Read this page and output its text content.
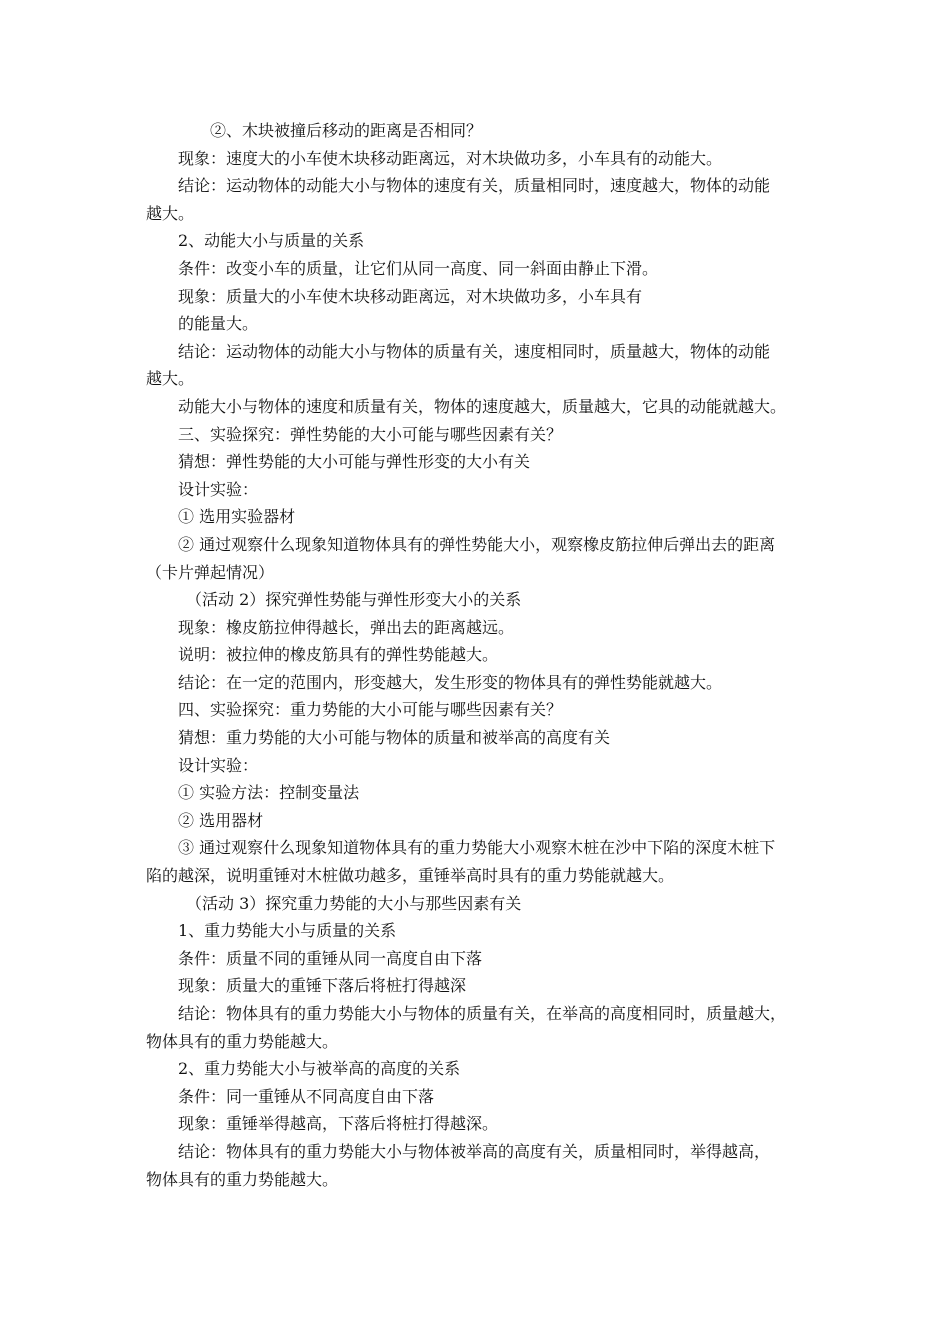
②、木块被撞后移动的距离是否相同？
现象：速度大的小车使木块移动距离远，对木块做功多，小车具有的动能大。
结论：运动物体的动能大小与物体的速度有关，质量相同时，速度越大，物体的动能
越大。
2、动能大小与质量的关系
条件：改变小车的质量，让它们从同一高度、同一斜面由静止下滑。
现象：质量大的小车使木块移动距离远，对木块做功多，小车具有
的能量大。
结论：运动物体的动能大小与物体的质量有关，速度相同时，质量越大，物体的动能
越大。
动能大小与物体的速度和质量有关，物体的速度越大，质量越大，它具的动能就越大。
三、实验探究：弹性势能的大小可能与哪些因素有关？
猜想：弹性势能的大小可能与弹性形变的大小有关
设计实验：
① 选用实验器材
② 通过观察什么现象知道物体具有的弹性势能大小，观察橡皮筋拉伸后弹出去的距离
（卡片弹起情况）
（活动 2）探究弹性势能与弹性形变大小的关系
现象：橡皮筋拉伸得越长，弹出去的距离越远。
说明：被拉伸的橡皮筋具有的弹性势能越大。
结论：在一定的范围内，形变越大，发生形变的物体具有的弹性势能就越大。
四、实验探究：重力势能的大小可能与哪些因素有关？
猜想：重力势能的大小可能与物体的质量和被举高的高度有关
设计实验：
① 实验方法：控制变量法
② 选用器材
③ 通过观察什么现象知道物体具有的重力势能大小观察木桩在沙中下陷的深度木桩下
陷的越深，说明重锤对木桩做功越多，重锤举高时具有的重力势能就越大。
（活动 3）探究重力势能的大小与那些因素有关
1、重力势能大小与质量的关系
条件：质量不同的重锤从同一高度自由下落
现象：质量大的重锤下落后将桩打得越深
结论：物体具有的重力势能大小与物体的质量有关，在举高的高度相同时，质量越大，
物体具有的重力势能越大。
2、重力势能大小与被举高的高度的关系
条件：同一重锤从不同高度自由下落
现象：重锤举得越高，下落后将桩打得越深。
结论：物体具有的重力势能大小与物体被举高的高度有关，质量相同时，举得越高，
物体具有的重力势能越大。
